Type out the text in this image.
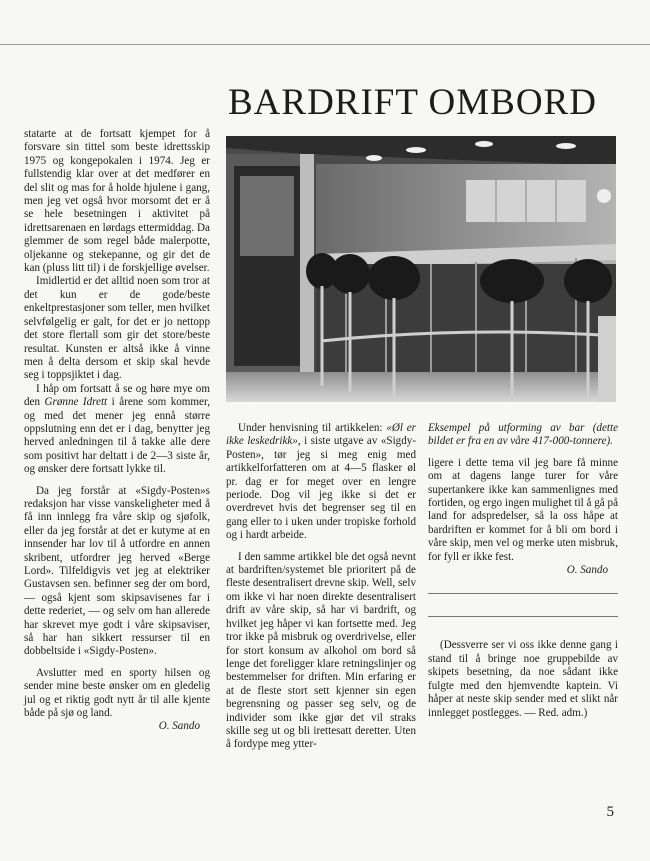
BARDRIFT OMBORD

statarte at de fortsatt kjempet for å forsvare sin tittel som beste idrettsskip 1975 og kongepokalen i 1974. Jeg er fullstendig klar over at det medfører en del slit og mas for å holde hjulene i gang, men jeg vet også hvor morsomt det er å se hele besetningen i aktivitet på idrettsarenaen en lørdags ettermiddag. Da glemmer de som regel både malerpotte, oljekanne og stekepanne, og gir det de kan (pluss litt til) i de forskjellige øvelser.

Imidlertid er det alltid noen som tror at det kun er de gode/beste enkeltprestasjoner som teller, men hvilket selvfølgelig er galt, for det er jo nettopp det store flertall som gir det store/beste resultat. Kunsten er altså ikke å vinne men å delta dersom et skip skal hevde seg i toppsjiktet i dag.

I håp om fortsatt å se og høre mye om den Grønne Idrett i årene som kommer, og med det mener jeg ennå større oppslutning enn det er i dag, benytter jeg herved anledningen til å takke alle dere som positivt har deltatt i de 2—3 siste år, og ønsker dere fortsatt lykke til.

Da jeg forstår at «Sigdy-Posten»s redaksjon har visse vanskeligheter med å få inn innlegg fra våre skip og sjøfolk, eller da jeg forstår at det er kutyme at en innsender har lov til å utfordre en annen skribent, utfordrer jeg herved «Berge Lord». Tilfeldigvis vet jeg at elektriker Gustavsen sen. befinner seg der om bord, — også kjent som skipsavisenes far i dette rederiet, — og selv om han allerede har skrevet mye godt i våre skipsaviser, så har han sikkert ressurser til en dobbeltside i «Sigdy-Posten».

Avslutter med en sporty hilsen og sender mine beste ønsker om en gledelig jul og et riktig godt nytt år til alle kjente både på sjø og land.

O. Sando

Under henvisning til artikkelen: «Øl er ikke leskedrikk», i siste utgave av «Sigdy-Posten», tør jeg si meg enig med artikkelforfatteren om at 4—5 flasker øl pr. dag er for meget over en lengre periode. Dog vil jeg ikke si det er overdrevet hvis det begrenser seg til en gang eller to i uken under tropiske forhold og i hardt arbeide.

I den samme artikkel ble det også nevnt at bardriften/systemet ble prioritert på de fleste desentralisert drevne skip. Well, selv om ikke vi har noen direkte desentralisert drift av våre skip, så har vi bardrift, og hvilket jeg håper vi kan fortsette med. Jeg tror ikke på misbruk og overdrivelse, eller for stort konsum av alkohol om bord så lenge det foreligger klare retningslinjer og bestemmelser for driften. Min erfaring er at de fleste stort sett kjenner sin egen begrensning og passer seg selv, og de individer som ikke gjør det vil straks skille seg ut og bli irettesatt deretter. Uten å fordype meg ytter-

Eksempel på utforming av bar (dette bildet er fra en av våre 417-000-tonnere).

ligere i dette tema vil jeg bare få minne om at dagens lange turer for våre supertankere ikke kan sammenlignes med fortiden, og ergo ingen mulighet til å gå på land for adspredelser, så la oss håpe at bardriften er kommet for å bli om bord i våre skip, men vel og merke uten misbruk, for fyll er ikke fest.

O. Sando

(Dessverre ser vi oss ikke denne gang i stand til å bringe noe gruppebilde av skipets besetning, da noe sådant ikke fulgte med den hjemvendte kaptein. Vi håper at neste skip sender med et slikt når innlegget postlegges. — Red. adm.)

5
